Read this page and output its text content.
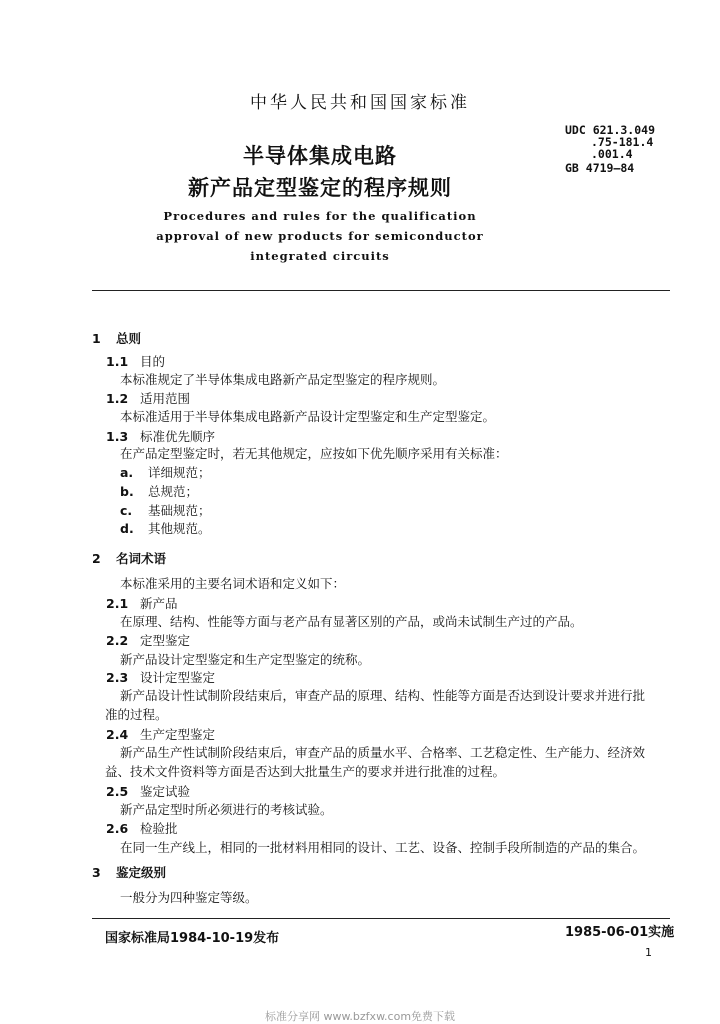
中华人民共和国国家标准
半导体集成电路
新产品定型鉴定的程序规则
Procedures and rules for the qualification
approval of new products for semiconductor
integrated circuits
UDC 621.3.049
.75-181.4
.001.4
GB 4719—84
1 总则
1.1 目的
本标准规定了半导体集成电路新产品定型鉴定的程序规则。
1.2 适用范围
本标准适用于半导体集成电路新产品设计定型鉴定和生产定型鉴定。
1.3 标准优先顺序
在产品定型鉴定时，若无其他规定，应按如下优先顺序采用有关标准：
a. 详细规范；
b. 总规范；
c. 基础规范；
d. 其他规范。
2 名词术语
本标准采用的主要名词术语和定义如下：
2.1 新产品
在原理、结构、性能等方面与老产品有显著区别的产品，或尚未试制生产过的产品。
2.2 定型鉴定
新产品设计定型鉴定和生产定型鉴定的统称。
2.3 设计定型鉴定
新产品设计性试制阶段结束后，审查产品的原理、结构、性能等方面是否达到设计要求并进行批
准的过程。
2.4 生产定型鉴定
新产品生产性试制阶段结束后，审查产品的质量水平、合格率、工艺稳定性、生产能力、经济效
益、技术文件资料等方面是否达到大批量生产的要求并进行批准的过程。
2.5 鉴定试验
新产品定型时所必须进行的考核试验。
2.6 检验批
在同一生产线上，相同的一批材料用相同的设计、工艺、设备、控制手段所制造的产品的集合。
3 鉴定级别
一般分为四种鉴定等级。
国家标准局1984-10-19发布	1985-06-01实施
1
标准分享网 www.bzfxw.com免费下载
